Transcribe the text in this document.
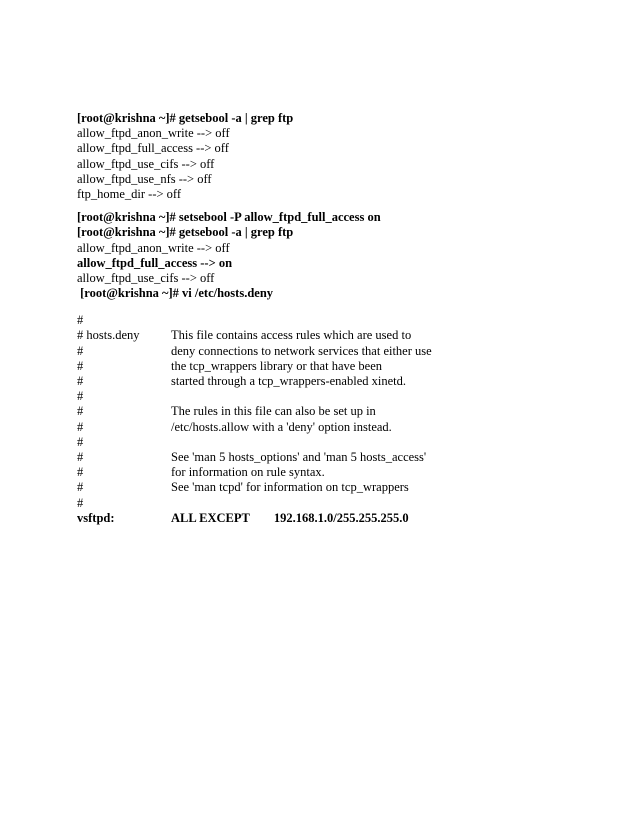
[root@krishna ~]# getsebool -a | grep ftp
allow_ftpd_anon_write --> off
allow_ftpd_full_access --> off
allow_ftpd_use_cifs --> off
allow_ftpd_use_nfs --> off
ftp_home_dir --> off
[root@krishna ~]# setsebool -P allow_ftpd_full_access on
[root@krishna ~]# getsebool -a | grep ftp
allow_ftpd_anon_write --> off
allow_ftpd_full_access --> on
allow_ftpd_use_cifs --> off
[root@krishna ~]# vi /etc/hosts.deny
#
# hosts.deny	This file contains access rules which are used to
#	deny connections to network services that either use
#	the tcp_wrappers library or that have been
#	started through a tcp_wrappers-enabled xinetd.
#
#	The rules in this file can also be set up in
#	/etc/hosts.allow with a 'deny' option instead.
#
#	See 'man 5 hosts_options' and 'man 5 hosts_access'
#	for information on rule syntax.
#	See 'man tcpd' for information on tcp_wrappers
#
vsftpd:	ALL EXCEPT 192.168.1.0/255.255.255.0
